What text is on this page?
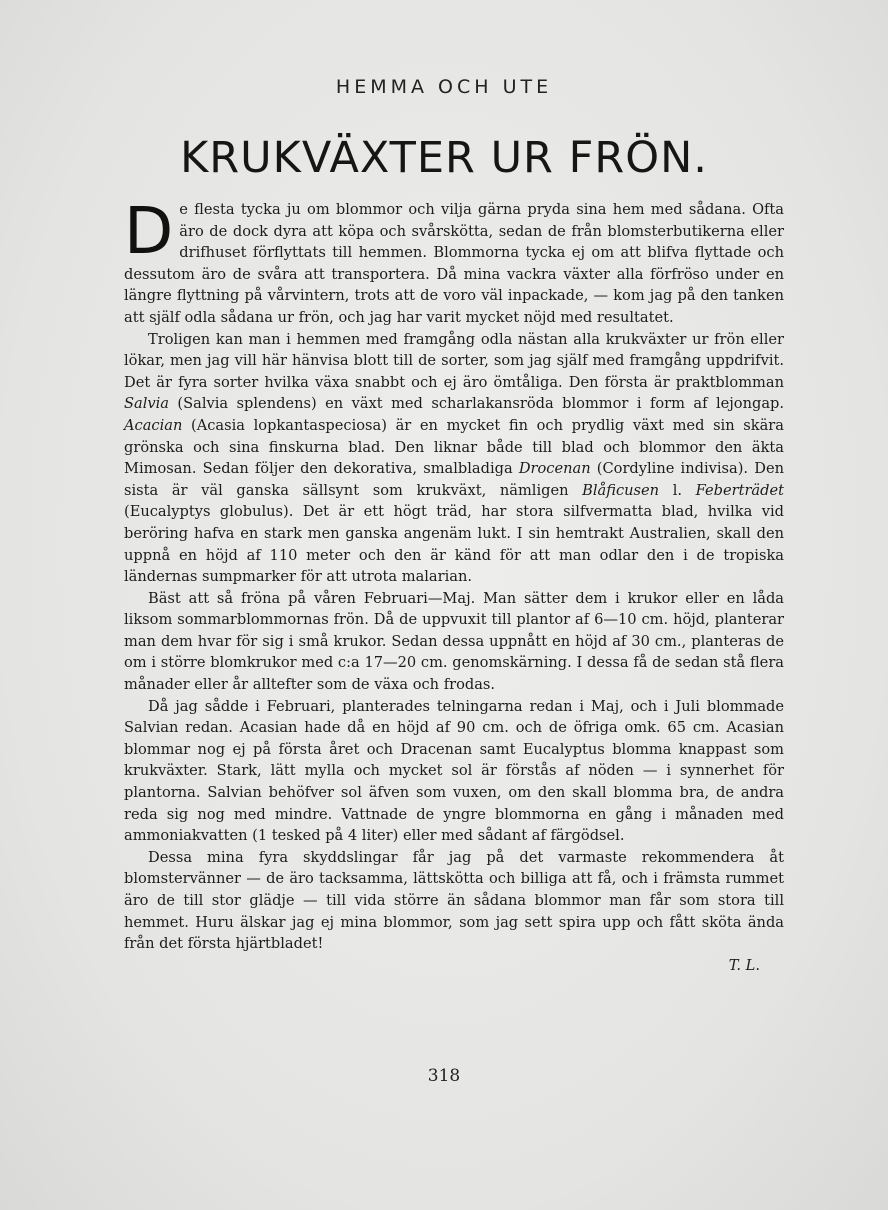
HEMMA OCH UTE
KRUKVÄXTER UR FRÖN.

De flesta tycka ju om blommor och vilja gärna pryda sina hem med sådana. Ofta äro de dock dyra att köpa och svårskötta, sedan de från blomsterbutikerna eller drifhuset förflyttats till hemmen. Blommorna tycka ej om att blifva flyttade och dessutom äro de svåra att transportera. Då mina vackra växter alla förfröso under en längre flyttning på vårvintern, trots att de voro väl inpackade, — kom jag på den tanken att själf odla sådana ur frön, och jag har varit mycket nöjd med resultatet.

Troligen kan man i hemmen med framgång odla nästan alla krukväxter ur frön eller lökar, men jag vill här hänvisa blott till de sorter, som jag själf med framgång uppdrifvit. Det är fyra sorter hvilka växa snabbt och ej äro ömtåliga. Den första är praktblomman Salvia (Salvia splendens) en växt med scharlakansröda blommor i form af lejongap. Acacian (Acasia lopkantaspeciosa) är en mycket fin och prydlig växt med sin skära grönska och sina finskurna blad. Den liknar både till blad och blommor den äkta Mimosan. Sedan följer den dekorativa, smalbladiga Drocenan (Cordyline indivisa). Den sista är väl ganska sällsynt som krukväxt, nämligen Blåficusen l. Feberträdet (Eucalyptys globulus). Det är ett högt träd, har stora silfvermatta blad, hvilka vid beröring hafva en stark men ganska angenäm lukt. I sin hemtrakt Australien, skall den uppnå en höjd af 110 meter och den är känd för att man odlar den i de tropiska ländernas sumpmarker för att utrota malarian.

Bäst att så fröna på våren Februari—Maj. Man sätter dem i krukor eller en låda liksom sommarblommornas frön. Då de uppvuxit till plantor af 6—10 cm. höjd, planterar man dem hvar för sig i små krukor. Sedan dessa uppnått en höjd af 30 cm., planteras de om i större blomkrukor med c:a 17—20 cm. genomskärning. I dessa få de sedan stå flera månader eller år alltefter som de växa och frodas.

Då jag sådde i Februari, planterades telningarna redan i Maj, och i Juli blommade Salvian redan. Acasian hade då en höjd af 90 cm. och de öfriga omk. 65 cm. Acasian blommar nog ej på första året och Dracenan samt Eucalyptus blomma knappast som krukväxter. Stark, lätt mylla och mycket sol är förstås af nöden — i synnerhet för plantorna. Salvian behöfver sol äfven som vuxen, om den skall blomma bra, de andra reda sig nog med mindre. Vattnade de yngre blommorna en gång i månaden med ammoniakvatten (1 tesked på 4 liter) eller med sådant af färgödsel.

Dessa mina fyra skyddslingar får jag på det varmaste rekommendera åt blomstervänner — de äro tacksamma, lättskötta och billiga att få, och i främsta rummet äro de till stor glädje — till vida större än sådana blommor man får som stora till hemmet. Huru älskar jag ej mina blommor, som jag sett spira upp och fått sköta ända från det första hjärtbladet!

T. L.
318
